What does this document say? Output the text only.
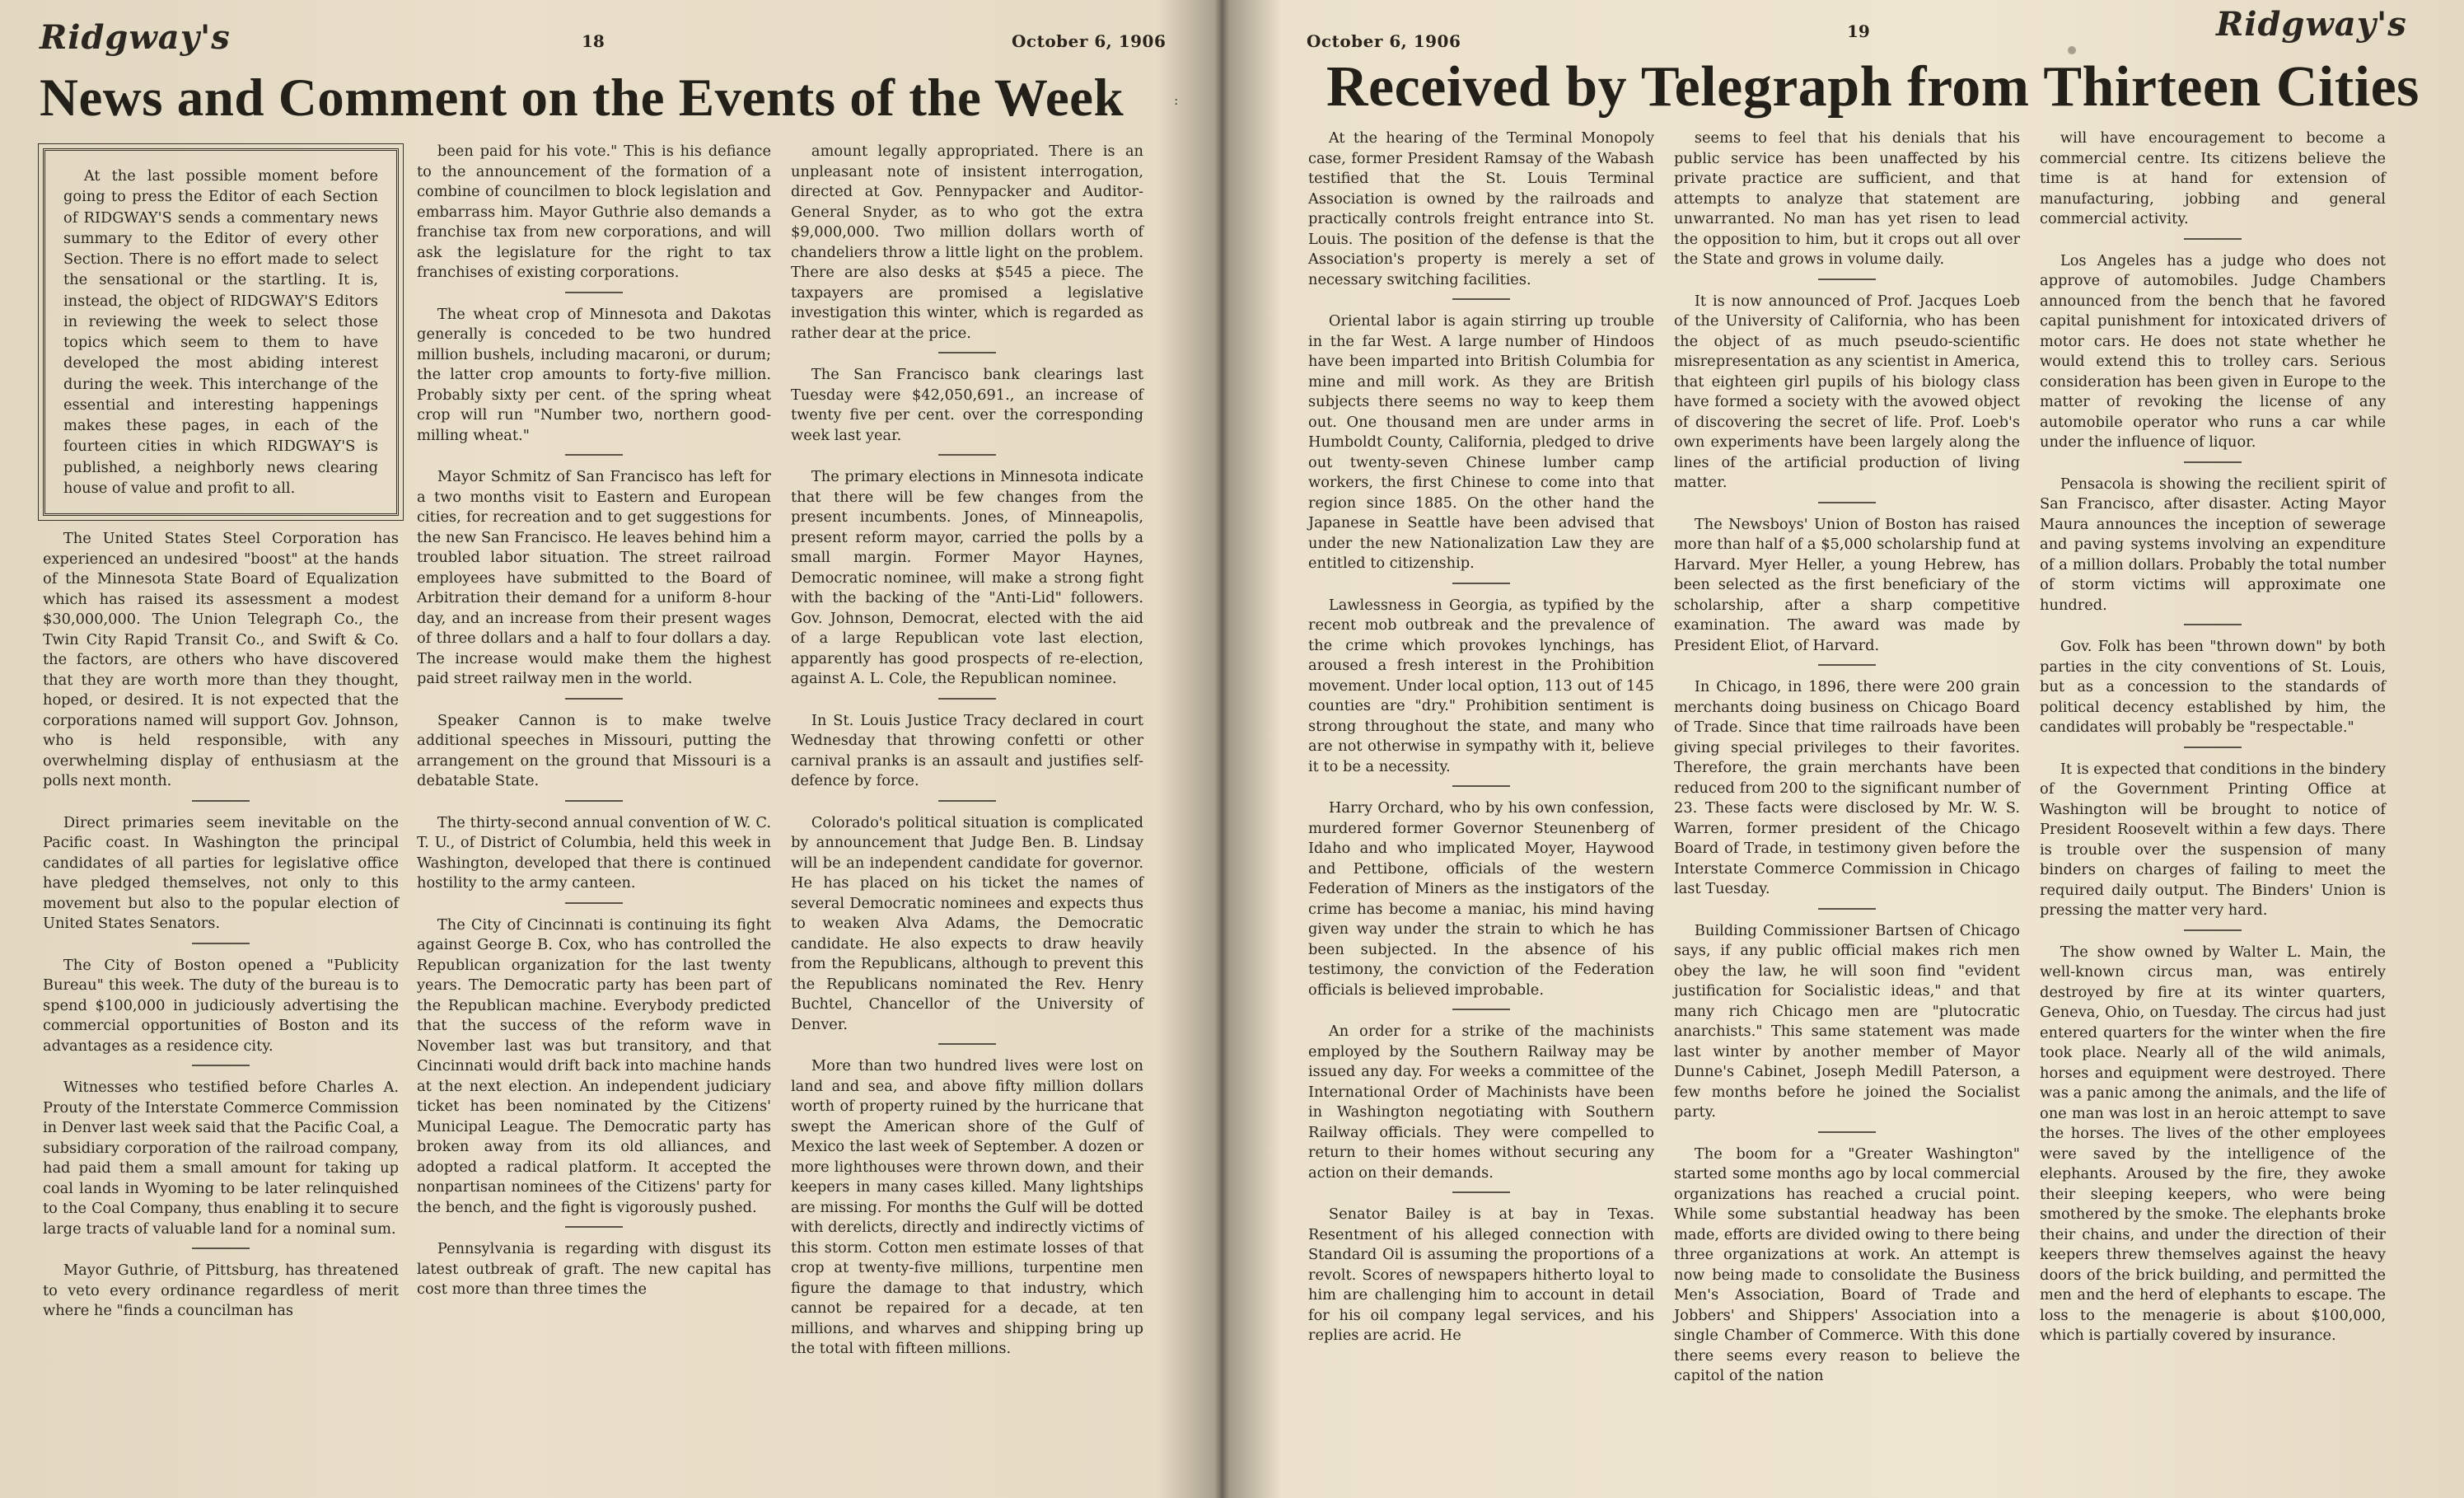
Ridgway's	18	October 6, 1906
News and Comment on the Events of the Week

At the last possible moment before going to press the Editor of each Section of RIDGWAY'S sends a commentary news summary to the Editor of every other Section. There is no effort made to select the sensational or the startling. It is, instead, the object of RIDGWAY'S Editors in reviewing the week to select those topics which seem to them to have developed the most abiding interest during the week. This interchange of the essential and interesting happenings makes these pages, in each of the fourteen cities in which RIDGWAY'S is published, a neighborly news clearing house of value and profit to all.

The United States Steel Corporation has experienced an undesired "boost" at the hands of the Minnesota State Board of Equalization which has raised its assessment a modest $30,000,000. The Union Telegraph Co., the Twin City Rapid Transit Co., and Swift & Co. the factors, are others who have discovered that they are worth more than they thought, hoped, or desired. It is not expected that the corporations named will support Gov. Johnson, who is held responsible, with any overwhelming display of enthusiasm at the polls next month.

Direct primaries seem inevitable on the Pacific coast. In Washington the principal candidates of all parties for legislative office have pledged themselves, not only to this movement but also to the popular election of United States Senators.

The City of Boston opened a "Publicity Bureau" this week. The duty of the bureau is to spend $100,000 in judiciously advertising the commercial opportunities of Boston and its advantages as a residence city.

Witnesses who testified before Charles A. Prouty of the Interstate Commerce Commission in Denver last week said that the Pacific Coal, a subsidiary corporation of the railroad company, had paid them a small amount for taking up coal lands in Wyoming to be later relinquished to the Coal Company, thus enabling it to secure large tracts of valuable land for a nominal sum.

Mayor Guthrie, of Pittsburg, has threatened to veto every ordinance regardless of merit where he "finds a councilman has

been paid for his vote." This is his defiance to the announcement of the formation of a combine of councilmen to block legislation and embarrass him. Mayor Guthrie also demands a franchise tax from new corporations, and will ask the legislature for the right to tax franchises of existing corporations.

The wheat crop of Minnesota and Dakotas generally is conceded to be two hundred million bushels, including macaroni, or durum; the latter crop amounts to forty-five million. Probably sixty per cent. of the spring wheat crop will run "Number two, northern good-milling wheat."

Mayor Schmitz of San Francisco has left for a two months visit to Eastern and European cities, for recreation and to get suggestions for the new San Francisco. He leaves behind him a troubled labor situation. The street railroad employees have submitted to the Board of Arbitration their demand for a uniform 8-hour day, and an increase from their present wages of three dollars and a half to four dollars a day. The increase would make them the highest paid street railway men in the world.

Speaker Cannon is to make twelve additional speeches in Missouri, putting the arrangement on the ground that Missouri is a debatable State.

The thirty-second annual convention of W. C. T. U., of District of Columbia, held this week in Washington, developed that there is continued hostility to the army canteen.

The City of Cincinnati is continuing its fight against George B. Cox, who has controlled the Republican organization for the last twenty years. The Democratic party has been part of the Republican machine. Everybody predicted that the success of the reform wave in November last was but transitory, and that Cincinnati would drift back into machine hands at the next election. An independent judiciary ticket has been nominated by the Citizens' Municipal League. The Democratic party has broken away from its old alliances, and adopted a radical platform. It accepted the nonpartisan nominees of the Citizens' party for the bench, and the fight is vigorously pushed.

Pennsylvania is regarding with disgust its latest outbreak of graft. The new capital has cost more than three times the

amount legally appropriated. There is an unpleasant note of insistent interrogation, directed at Gov. Pennypacker and Auditor-General Snyder, as to who got the extra $9,000,000. Two million dollars worth of chandeliers throw a little light on the problem. There are also desks at $545 a piece. The taxpayers are promised a legislative investigation this winter, which is regarded as rather dear at the price.

The San Francisco bank clearings last Tuesday were $42,050,691., an increase of twenty five per cent. over the corresponding week last year.

The primary elections in Minnesota indicate that there will be few changes from the present incumbents. Jones, of Minneapolis, present reform mayor, carried the polls by a small margin. Former Mayor Haynes, Democratic nominee, will make a strong fight with the backing of the "Anti-Lid" followers. Gov. Johnson, Democrat, elected with the aid of a large Republican vote last election, apparently has good prospects of re-election, against A. L. Cole, the Republican nominee.

In St. Louis Justice Tracy declared in court Wednesday that throwing confetti or other carnival pranks is an assault and justifies self-defence by force.

Colorado's political situation is complicated by announcement that Judge Ben. B. Lindsay will be an independent candidate for governor. He has placed on his ticket the names of several Democratic nominees and expects thus to weaken Alva Adams, the Democratic candidate. He also expects to draw heavily from the Republicans, although to prevent this the Republicans nominated the Rev. Henry Buchtel, Chancellor of the University of Denver.

More than two hundred lives were lost on land and sea, and above fifty million dollars worth of property ruined by the hurricane that swept the American shore of the Gulf of Mexico the last week of September. A dozen or more lighthouses were thrown down, and their keepers in many cases killed. Many lightships are missing. For months the Gulf will be dotted with derelicts, directly and indirectly victims of this storm. Cotton men estimate losses of that crop at twenty-five millions, turpentine men figure the damage to that industry, which cannot be repaired for a decade, at ten millions, and wharves and shipping bring up the total with fifteen millions.

:
October 6, 1906	19	Ridgway's
Received by Telegraph from Thirteen Cities

At the hearing of the Terminal Monopoly case, former President Ramsay of the Wabash testified that the St. Louis Terminal Association is owned by the railroads and practically controls freight entrance into St. Louis. The position of the defense is that the Association's property is merely a set of necessary switching facilities.

Oriental labor is again stirring up trouble in the far West. A large number of Hindoos have been imparted into British Columbia for mine and mill work. As they are British subjects there seems no way to keep them out. One thousand men are under arms in Humboldt County, California, pledged to drive out twenty-seven Chinese lumber camp workers, the first Chinese to come into that region since 1885. On the other hand the Japanese in Seattle have been advised that under the new Nationalization Law they are entitled to citizenship.

Lawlessness in Georgia, as typified by the recent mob outbreak and the prevalence of the crime which provokes lynchings, has aroused a fresh interest in the Prohibition movement. Under local option, 113 out of 145 counties are "dry." Prohibition sentiment is strong throughout the state, and many who are not otherwise in sympathy with it, believe it to be a necessity.

Harry Orchard, who by his own confession, murdered former Governor Steunenberg of Idaho and who implicated Moyer, Haywood and Pettibone, officials of the western Federation of Miners as the instigators of the crime has become a maniac, his mind having given way under the strain to which he has been subjected. In the absence of his testimony, the conviction of the Federation officials is believed improbable.

An order for a strike of the machinists employed by the Southern Railway may be issued any day. For weeks a committee of the International Order of Machinists have been in Washington negotiating with Southern Railway officials. They were compelled to return to their homes without securing any action on their demands.

Senator Bailey is at bay in Texas. Resentment of his alleged connection with Standard Oil is assuming the proportions of a revolt. Scores of newspapers hitherto loyal to him are challenging him to account in detail for his oil company legal services, and his replies are acrid. He

seems to feel that his denials that his public service has been unaffected by his private practice are sufficient, and that attempts to analyze that statement are unwarranted. No man has yet risen to lead the opposition to him, but it crops out all over the State and grows in volume daily.

It is now announced of Prof. Jacques Loeb of the University of California, who has been the object of as much pseudo-scientific misrepresentation as any scientist in America, that eighteen girl pupils of his biology class have formed a society with the avowed object of discovering the secret of life. Prof. Loeb's own experiments have been largely along the lines of the artificial production of living matter.

The Newsboys' Union of Boston has raised more than half of a $5,000 scholarship fund at Harvard. Myer Heller, a young Hebrew, has been selected as the first beneficiary of the scholarship, after a sharp competitive examination. The award was made by President Eliot, of Harvard.

In Chicago, in 1896, there were 200 grain merchants doing business on Chicago Board of Trade. Since that time railroads have been giving special privileges to their favorites. Therefore, the grain merchants have been reduced from 200 to the significant number of 23. These facts were disclosed by Mr. W. S. Warren, former president of the Chicago Board of Trade, in testimony given before the Interstate Commerce Commission in Chicago last Tuesday.

Building Commissioner Bartsen of Chicago says, if any public official makes rich men obey the law, he will soon find "evident justification for Socialistic ideas," and that many rich Chicago men are "plutocratic anarchists." This same statement was made last winter by another member of Mayor Dunne's Cabinet, Joseph Medill Paterson, a few months before he joined the Socialist party.

The boom for a "Greater Washington" started some months ago by local commercial organizations has reached a crucial point. While some substantial headway has been made, efforts are divided owing to there being three organizations at work. An attempt is now being made to consolidate the Business Men's Association, Board of Trade and Jobbers' and Shippers' Association into a single Chamber of Commerce. With this done there seems every reason to believe the capitol of the nation

will have encouragement to become a commercial centre. Its citizens believe the time is at hand for extension of manufacturing, jobbing and general commercial activity.

Los Angeles has a judge who does not approve of automobiles. Judge Chambers announced from the bench that he favored capital punishment for intoxicated drivers of motor cars. He does not state whether he would extend this to trolley cars. Serious consideration has been given in Europe to the matter of revoking the license of any automobile operator who runs a car while under the influence of liquor.

Pensacola is showing the recilient spirit of San Francisco, after disaster. Acting Mayor Maura announces the inception of sewerage and paving systems involving an expenditure of a million dollars. Probably the total number of storm victims will approximate one hundred.

Gov. Folk has been "thrown down" by both parties in the city conventions of St. Louis, but as a concession to the standards of political decency established by him, the candidates will probably be "respectable."

It is expected that conditions in the bindery of the Government Printing Office at Washington will be brought to notice of President Roosevelt within a few days. There is trouble over the suspension of many binders on charges of failing to meet the required daily output. The Binders' Union is pressing the matter very hard.

The show owned by Walter L. Main, the well-known circus man, was entirely destroyed by fire at its winter quarters, Geneva, Ohio, on Tuesday. The circus had just entered quarters for the winter when the fire took place. Nearly all of the wild animals, horses and equipment were destroyed. There was a panic among the animals, and the life of one man was lost in an heroic attempt to save the horses. The lives of the other employees were saved by the intelligence of the elephants. Aroused by the fire, they awoke their sleeping keepers, who were being smothered by the smoke. The elephants broke their chains, and under the direction of their keepers threw themselves against the heavy doors of the brick building, and permitted the men and the herd of elephants to escape. The loss to the menagerie is about $100,000, which is partially covered by insurance.
